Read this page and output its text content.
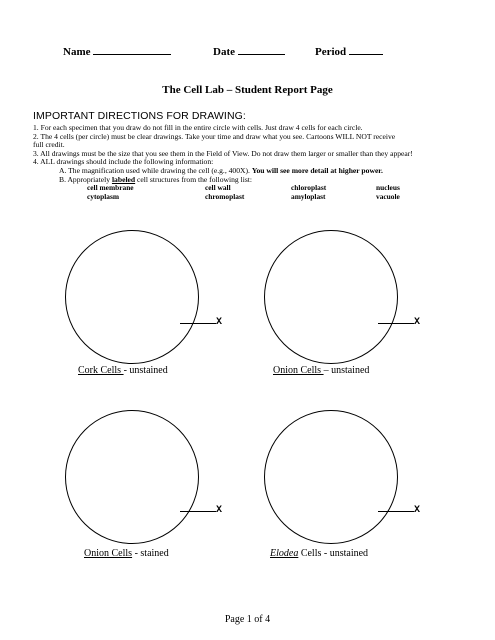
Name	Date	Period
The Cell Lab – Student Report Page
IMPORTANT DIRECTIONS FOR DRAWING:
1. For each specimen that you draw do not fill in the entire circle with cells. Just draw 4 cells for each circle.
2. The 4 cells (per circle) must be clear drawings. Take your time and draw what you see. Cartoons WILL NOT receive
full credit.
3. All drawings must be the size that you see them in the Field of View. Do not draw them larger or smaller than they appear!
4. ALL drawings should include the following information:
A. The magnification used while drawing the cell (e.g., 400X). You will see more detail at higher power.
B. Appropriately labeled cell structures from the following list:
cell membrane	cell wall	chloroplast	nucleus
cytoplasm	chromoplast	amyloplast	vacuole
X	X
X	X
Cork Cells - unstained	Onion Cells – unstained
Onion Cells - stained	Elodea Cells - unstained
Page 1 of 4
